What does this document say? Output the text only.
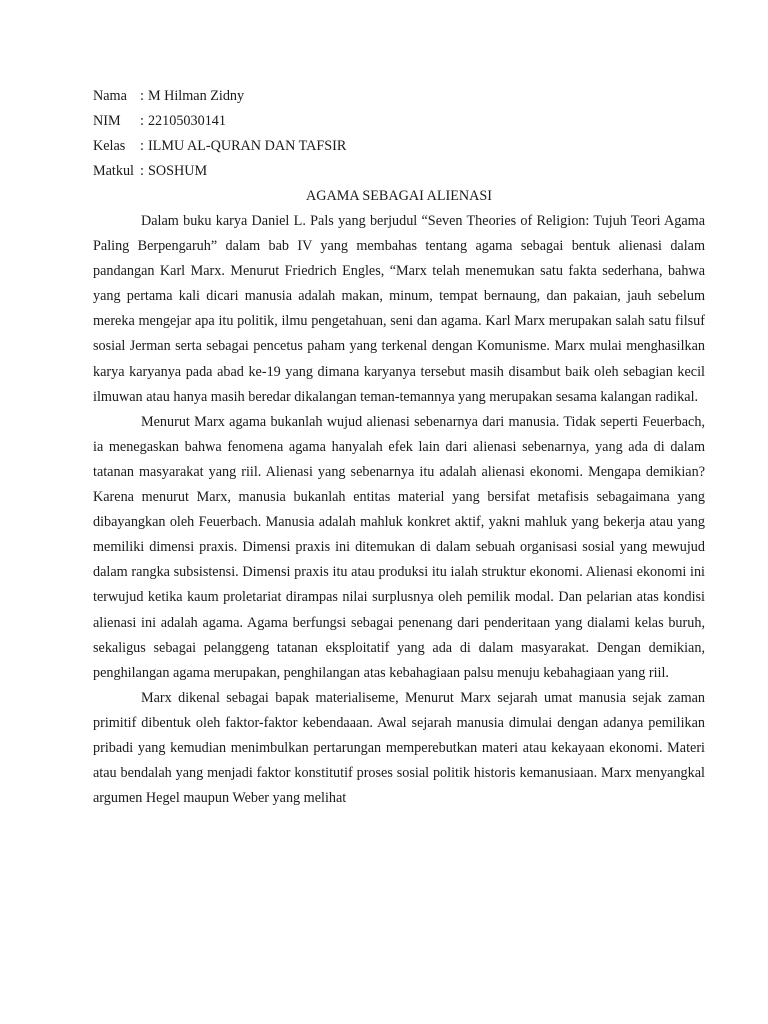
Nama : M Hilman Zidny
NIM	: 22105030141
Kelas	: ILMU AL-QURAN DAN TAFSIR
Matkul : SOSHUM
AGAMA SEBAGAI ALIENASI

Dalam buku karya Daniel L. Pals yang berjudul “Seven Theories of Religion: Tujuh Teori Agama Paling Berpengaruh” dalam bab IV yang membahas tentang agama sebagai bentuk alienasi dalam pandangan Karl Marx. Menurut Friedrich Engles, “Marx telah menemukan satu fakta sederhana, bahwa yang pertama kali dicari manusia adalah makan, minum, tempat bernaung, dan pakaian, jauh sebelum mereka mengejar apa itu politik, ilmu pengetahuan, seni dan agama. Karl Marx merupakan salah satu filsuf sosial Jerman serta sebagai pencetus paham yang terkenal dengan Komunisme. Marx mulai menghasilkan karya karyanya pada abad ke-19 yang dimana karyanya tersebut masih disambut baik oleh sebagian kecil ilmuwan atau hanya masih beredar dikalangan teman-temannya yang merupakan sesama kalangan radikal.

Menurut Marx agama bukanlah wujud alienasi sebenarnya dari manusia. Tidak seperti Feuerbach, ia menegaskan bahwa fenomena agama hanyalah efek lain dari alienasi sebenarnya, yang ada di dalam tatanan masyarakat yang riil. Alienasi yang sebenarnya itu adalah alienasi ekonomi. Mengapa demikian? Karena menurut Marx, manusia bukanlah entitas material yang bersifat metafisis sebagaimana yang dibayangkan oleh Feuerbach. Manusia adalah mahluk konkret aktif, yakni mahluk yang bekerja atau yang memiliki dimensi praxis. Dimensi praxis ini ditemukan di dalam sebuah organisasi sosial yang mewujud dalam rangka subsistensi. Dimensi praxis itu atau produksi itu ialah struktur ekonomi. Alienasi ekonomi ini terwujud ketika kaum proletariat dirampas nilai surplusnya oleh pemilik modal. Dan pelarian atas kondisi alienasi ini adalah agama. Agama berfungsi sebagai penenang dari penderitaan yang dialami kelas buruh, sekaligus sebagai pelanggeng tatanan eksploitatif yang ada di dalam masyarakat. Dengan demikian, penghilangan agama merupakan, penghilangan atas kebahagiaan palsu menuju kebahagiaan yang riil.

Marx dikenal sebagai bapak materialiseme, Menurut Marx sejarah umat manusia sejak zaman primitif dibentuk oleh faktor-faktor kebendaaan. Awal sejarah manusia dimulai dengan adanya pemilikan pribadi yang kemudian menimbulkan pertarungan memperebutkan materi atau kekayaan ekonomi. Materi atau bendalah yang menjadi faktor konstitutif proses sosial politik historis kemanusiaan. Marx menyangkal argumen Hegel maupun Weber yang melihat
